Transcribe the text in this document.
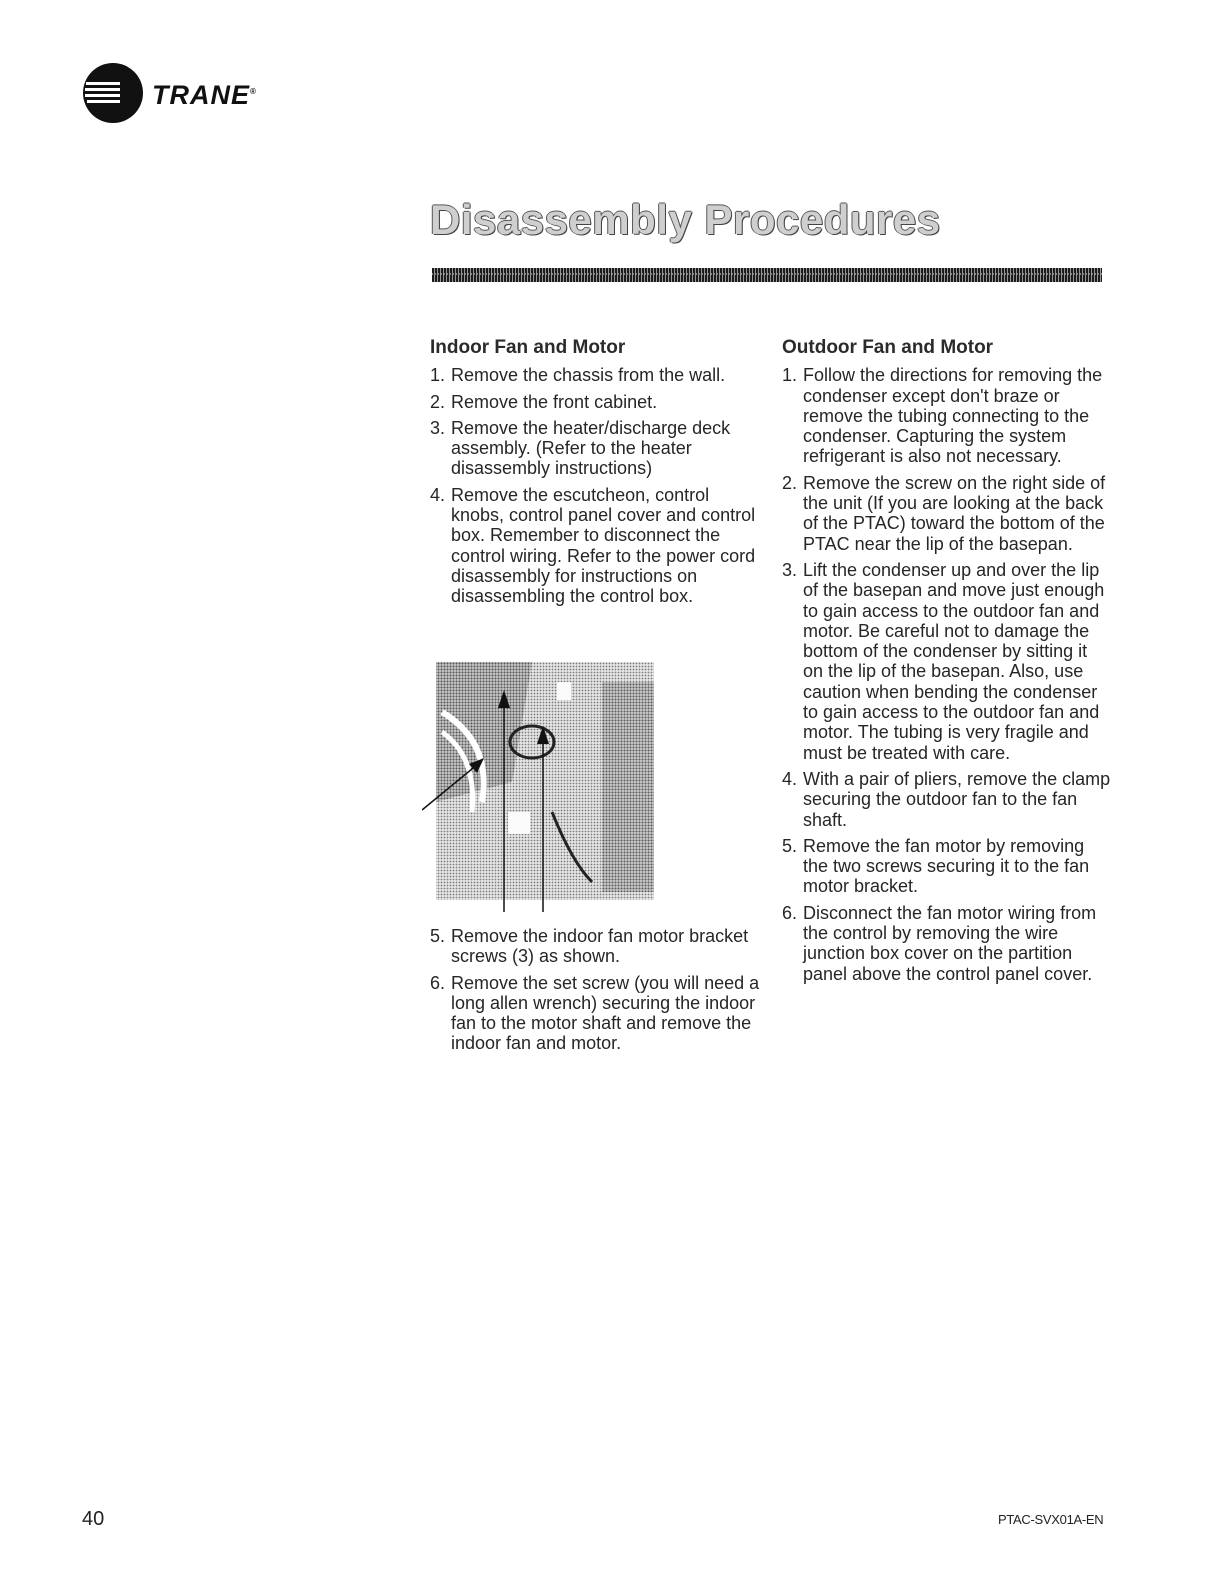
TRANE®
Disassembly Procedures
Indoor Fan and Motor
1. Remove the chassis from the wall.
2. Remove the front cabinet.
3. Remove the heater/discharge deck assembly. (Refer to the heater disassembly instructions)
4. Remove the escutcheon, control knobs, control panel cover and control box. Remember to disconnect the control wiring. Refer to the power cord disassembly for instructions on disassembling the control box.
5. Remove the indoor fan motor bracket screws (3) as shown.
6. Remove the set screw (you will need a long allen wrench) securing the indoor fan to the motor shaft and remove the indoor fan and motor.
Outdoor Fan and Motor
1. Follow the directions for removing the condenser except don't braze or remove the tubing connecting to the condenser. Capturing the system refrigerant is also not necessary.
2. Remove the screw on the right side of the unit (If you are looking at the back of the PTAC) toward the bottom of the PTAC near the lip of the basepan.
3. Lift the condenser up and over the lip of the basepan and move just enough to gain access to the outdoor fan and motor. Be careful not to damage the bottom of the condenser by sitting it on the lip of the basepan. Also, use caution when bending the condenser to gain access to the outdoor fan and motor. The tubing is very fragile and must be treated with care.
4. With a pair of pliers, remove the clamp securing the outdoor fan to the fan shaft.
5. Remove the fan motor by removing the two screws securing it to the fan motor bracket.
6. Disconnect the fan motor wiring from the control by removing the wire junction box cover on the partition panel above the control panel cover.
40	PTAC-SVX01A-EN
